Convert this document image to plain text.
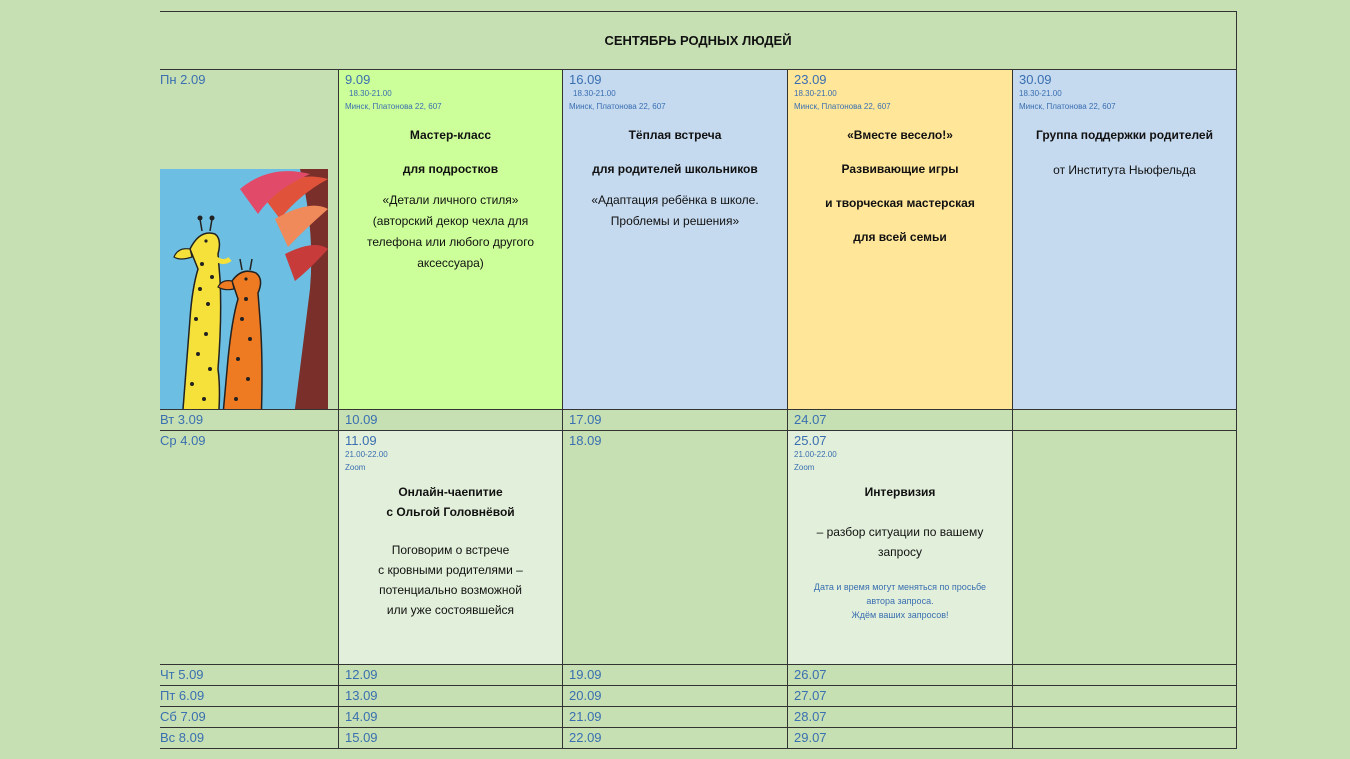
СЕНТЯБРЬ РОДНЫХ ЛЮДЕЙ
Пн 2.09
Вт 3.09
Ср 4.09
Чт 5.09
Пт 6.09
Сб 7.09
Вс 8.09
9.09
18.30-21.00
Минск, Платонова 22, 607
Мастер-класс
для подростков
«Детали личного стиля»
(авторский декор чехла для телефона или любого другого аксессуара)
10.09
11.09
21.00-22.00
Zoom
Онлайн-чаепитие
с Ольгой Головнёвой
Поговорим о встрече
с кровными родителями –
потенциально возможной
или уже состоявшейся
12.09
13.09
14.09
15.09
16.09
18.30-21.00
Минск, Платонова 22, 607
Тёплая встреча
для родителей школьников
«Адаптация ребёнка в школе. Проблемы и решения»
17.09
18.09
19.09
20.09
21.09
22.09
23.09
18.30-21.00
Минск, Платонова 22, 607
«Вместе весело!»
Развивающие игры
и творческая мастерская
для всей семьи
24.07
25.07
21.00-22.00
Zoom
Интервизия
– разбор ситуации по вашему запросу
Дата и время могут меняться по просьбе автора запроса.
Ждём ваших запросов!
26.07
27.07
28.07
29.07
30.09
18.30-21.00
Минск, Платонова 22, 607
Группа поддержки родителей
от Института Ньюфельда
